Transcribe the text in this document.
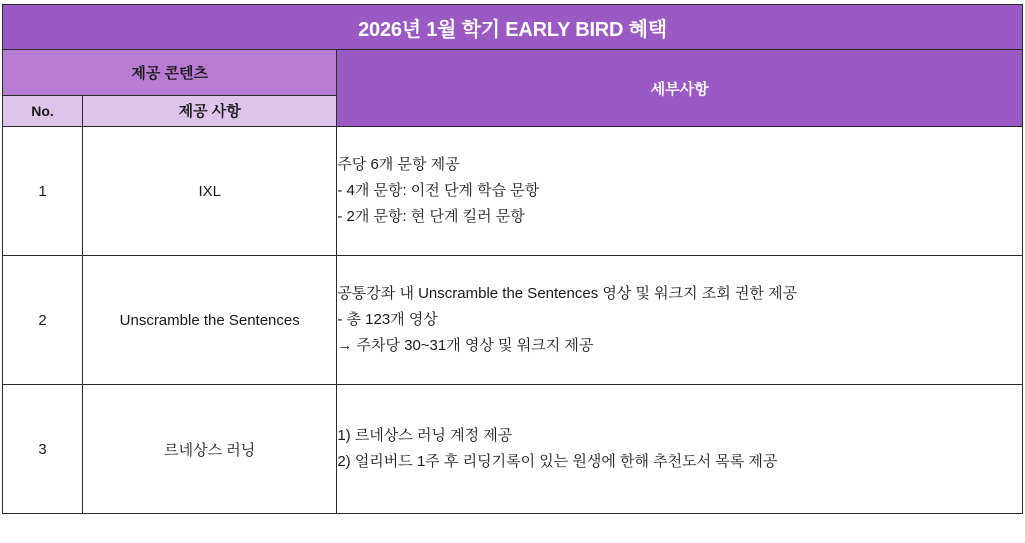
2026년 1월 학기 EARLY BIRD 혜택		
제공 콘텐츠		세부사항
No.	제공 사항	
1	IXL	주당 6개 문항 제공
- 4개 문항: 이전 단계 학습 문항
- 2개 문항: 현 단계 킬러 문항

2	Unscramble the Sentences	공통강좌 내 Unscramble the Sentences 영상 및 워크지 조회 권한 제공
- 총 123개 영상
→ 주차당 30~31개 영상 및 워크지 제공

3	르네상스 러닝	1) 르네상스 러닝 계정 제공
2) 얼리버드 1주 후 리딩기록이 있는 원생에 한해 추천도서 목록 제공
